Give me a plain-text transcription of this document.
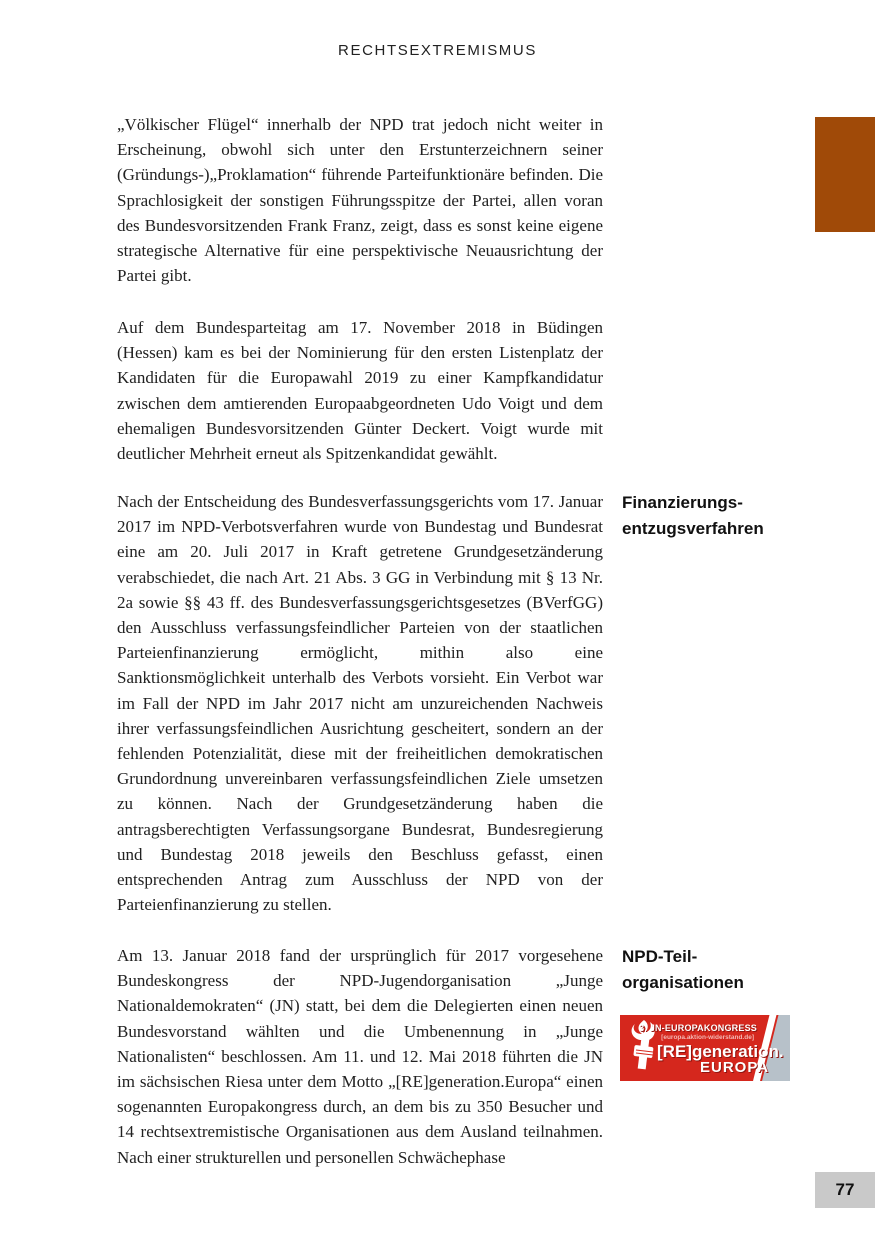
RECHTSEXTREMISMUS

„Völkischer Flügel“ innerhalb der NPD trat jedoch nicht weiter in Erscheinung, obwohl sich unter den Erstunterzeichnern seiner (Gründungs-)„Proklamation“ führende Parteifunktionäre befinden. Die Sprachlosigkeit der sonstigen Führungsspitze der Partei, allen voran des Bundesvorsitzenden Frank Franz, zeigt, dass es sonst keine eigene strategische Alternative für eine perspektivische Neuausrichtung der Partei gibt.

Auf dem Bundesparteitag am 17. November 2018 in Büdingen (Hessen) kam es bei der Nominierung für den ersten Listenplatz der Kandidaten für die Europawahl 2019 zu einer Kampfkandidatur zwischen dem amtierenden Europaabgeordneten Udo Voigt und dem ehemaligen Bundesvorsitzenden Günter Deckert. Voigt wurde mit deutlicher Mehrheit erneut als Spitzenkandidat gewählt.

Nach der Entscheidung des Bundesverfassungsgerichts vom 17. Januar 2017 im NPD-Verbotsverfahren wurde von Bundestag und Bundesrat eine am 20. Juli 2017 in Kraft getretene Grundgesetzänderung verabschiedet, die nach Art. 21 Abs. 3 GG in Verbindung mit § 13 Nr. 2a sowie §§ 43 ff. des Bundesverfassungsgerichtsgesetzes (BVerfGG) den Ausschluss verfassungsfeindlicher Parteien von der staatlichen Parteienfinanzierung ermöglicht, mithin also eine Sanktionsmöglichkeit unterhalb des Verbots vorsieht. Ein Verbot war im Fall der NPD im Jahr 2017 nicht am unzureichenden Nachweis ihrer verfassungsfeindlichen Ausrichtung gescheitert, sondern an der fehlenden Potenzialität, diese mit der freiheitlichen demokratischen Grundordnung unvereinbaren verfassungsfeindlichen Ziele umsetzen zu können. Nach der Grundgesetzänderung haben die antragsberechtigten Verfassungsorgane Bundesrat, Bundesregierung und Bundestag 2018 jeweils den Beschluss gefasst, einen entsprechenden Antrag zum Ausschluss der NPD von der Parteienfinanzierung zu stellen.

Am 13. Januar 2018 fand der ursprünglich für 2017 vorgesehene Bundeskongress der NPD-Jugendorganisation „Junge Nationaldemokraten“ (JN) statt, bei dem die Delegierten einen neuen Bundesvorstand wählten und die Umbenennung in „Junge Nationalisten“ beschlossen. Am 11. und 12. Mai 2018 führten die JN im sächsischen Riesa unter dem Motto „[RE]generation.Europa“ einen sogenannten Europakongress durch, an dem bis zu 350 Besucher und 14 rechtsextremistische Organisationen aus dem Ausland teilnahmen. Nach einer strukturellen und personellen Schwächephase

Finanzierungs-
entzugsverfahren
NPD-Teil-
organisationen
3. JN-EUROPAKONGRESS
[europa.aktion-widerstand.de]
[RE]generation.
EUROPA
77
